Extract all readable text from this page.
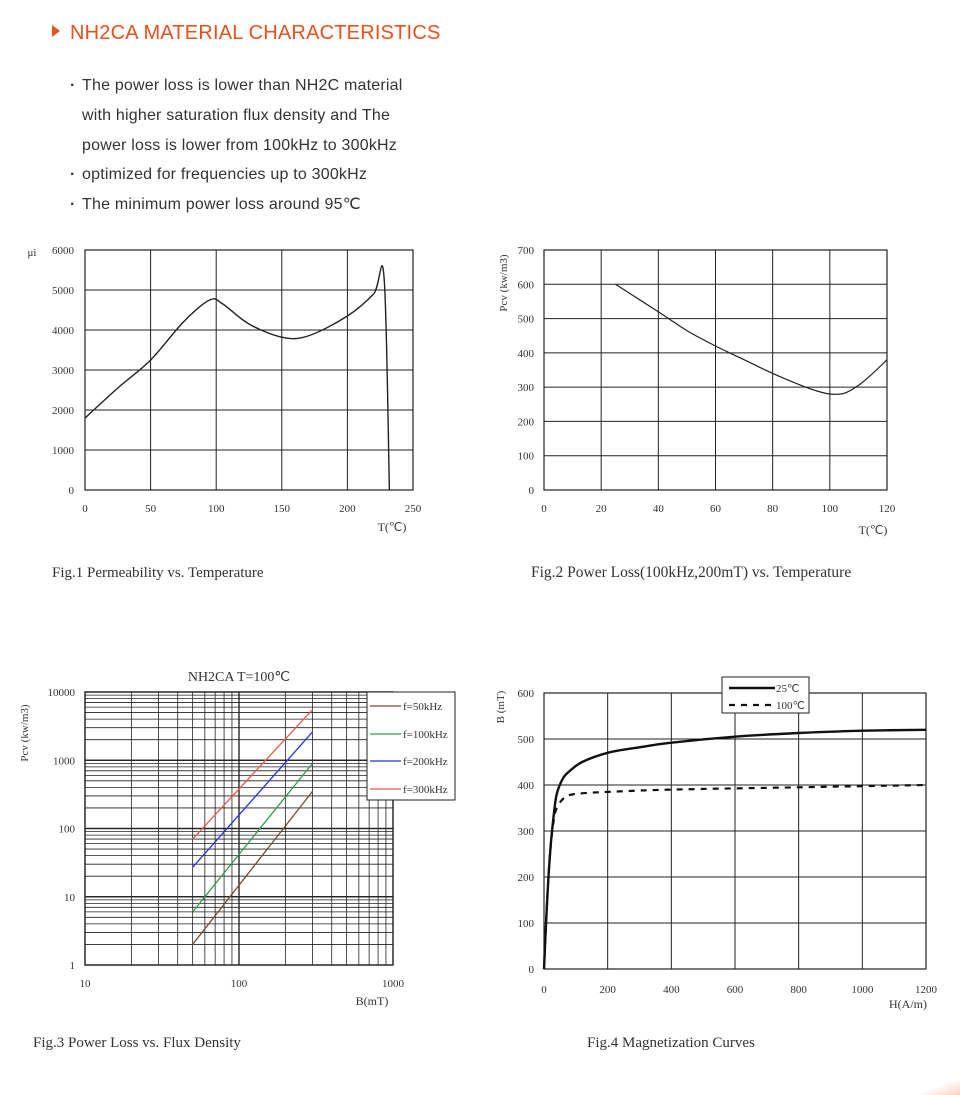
NH2CA MATERIAL CHARACTERISTICS
· The power loss is lower than NH2C material
with higher saturation flux density and The
power loss is lower from 100kHz to 300kHz
· optimized for frequencies up to 300kHz
· The minimum power loss around 95℃
0	50	100	150	200	250
0
1000
2000
3000
4000
5000
6000
μi
T(℃)
0	20	40	60	80	100	120
0
100
200
300
400
500
600
700
Pcv (kw/m3)
T(℃)
10	100	1000
1
10
100
1000
10000
f=50kHz
f=100kHz
f=200kHz
f=300kHz
NH2CA T=100℃
Pcv (kw/m3)
B(mT)
0	200	400	600	800	1000	1200
0
100
200
300
400
500
600	25℃
100℃
B (mT)
H(A/m)
Fig.1 Permeability vs. Temperature	Fig.2 Power Loss(100kHz,200mT) vs. Temperature
Fig.3 Power Loss vs. Flux Density	Fig.4 Magnetization Curves
